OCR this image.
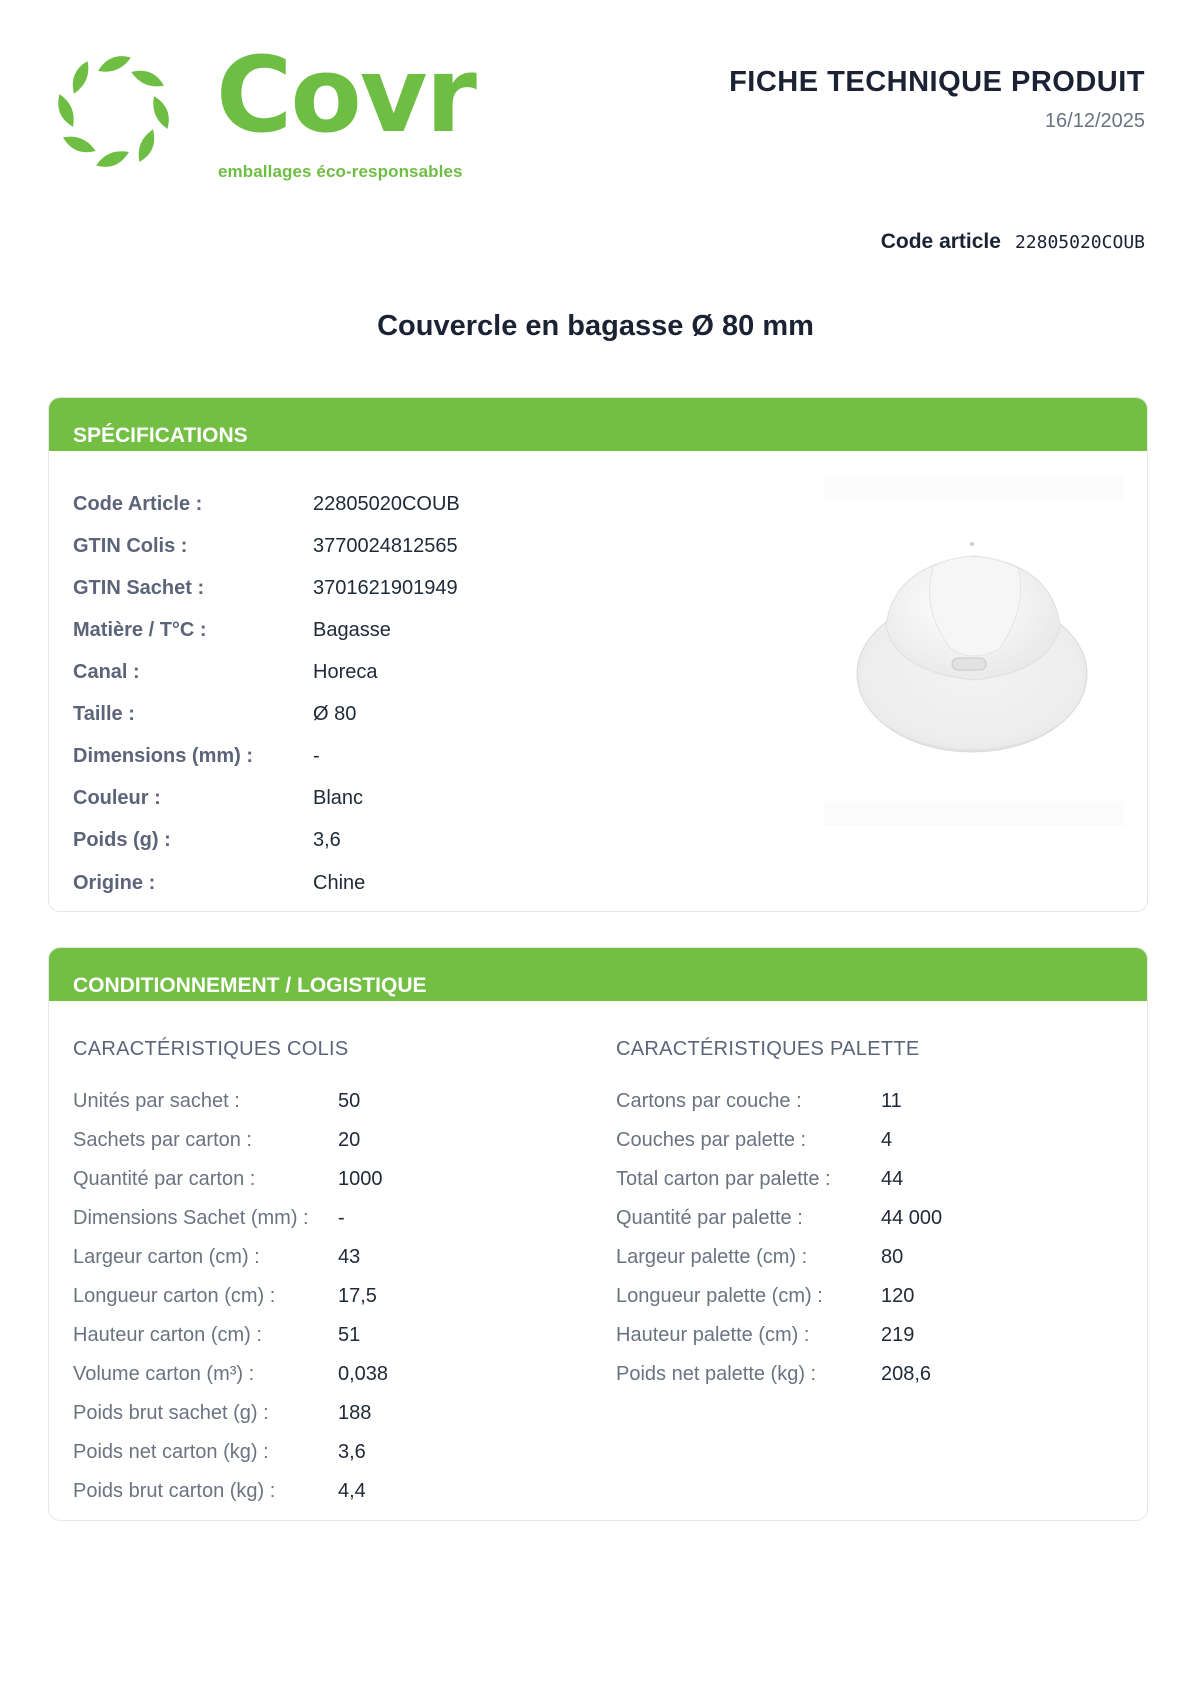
Covr
emballages éco-responsables
FICHE TECHNIQUE PRODUIT
16/12/2025
Code article 22805020COUB
Couvercle en bagasse Ø 80 mm
SPÉCIFICATIONS
Code Article :	22805020COUB
GTIN Colis :	3770024812565
GTIN Sachet :	3701621901949
Matière / T°C :	Bagasse
Canal :	Horeca
Taille :	Ø 80
Dimensions (mm) :	-
Couleur :	Blanc
Poids (g) :	3,6
Origine :	Chine
CONDITIONNEMENT / LOGISTIQUE
CARACTÉRISTIQUES COLIS	CARACTÉRISTIQUES PALETTE
Unités par sachet :	50
Sachets par carton :	20
Quantité par carton :	1000
Dimensions Sachet (mm) :	-
Largeur carton (cm) :	43
Longueur carton (cm) :	17,5
Hauteur carton (cm) :	51
Volume carton (m³) :	0,038
Poids brut sachet (g) :	188
Poids net carton (kg) :	3,6
Poids brut carton (kg) :	4,4
Cartons par couche :	11
Couches par palette :	4
Total carton par palette :	44
Quantité par palette :	44 000
Largeur palette (cm) :	80
Longueur palette (cm) :	120
Hauteur palette (cm) :	219
Poids net palette (kg) :	208,6
